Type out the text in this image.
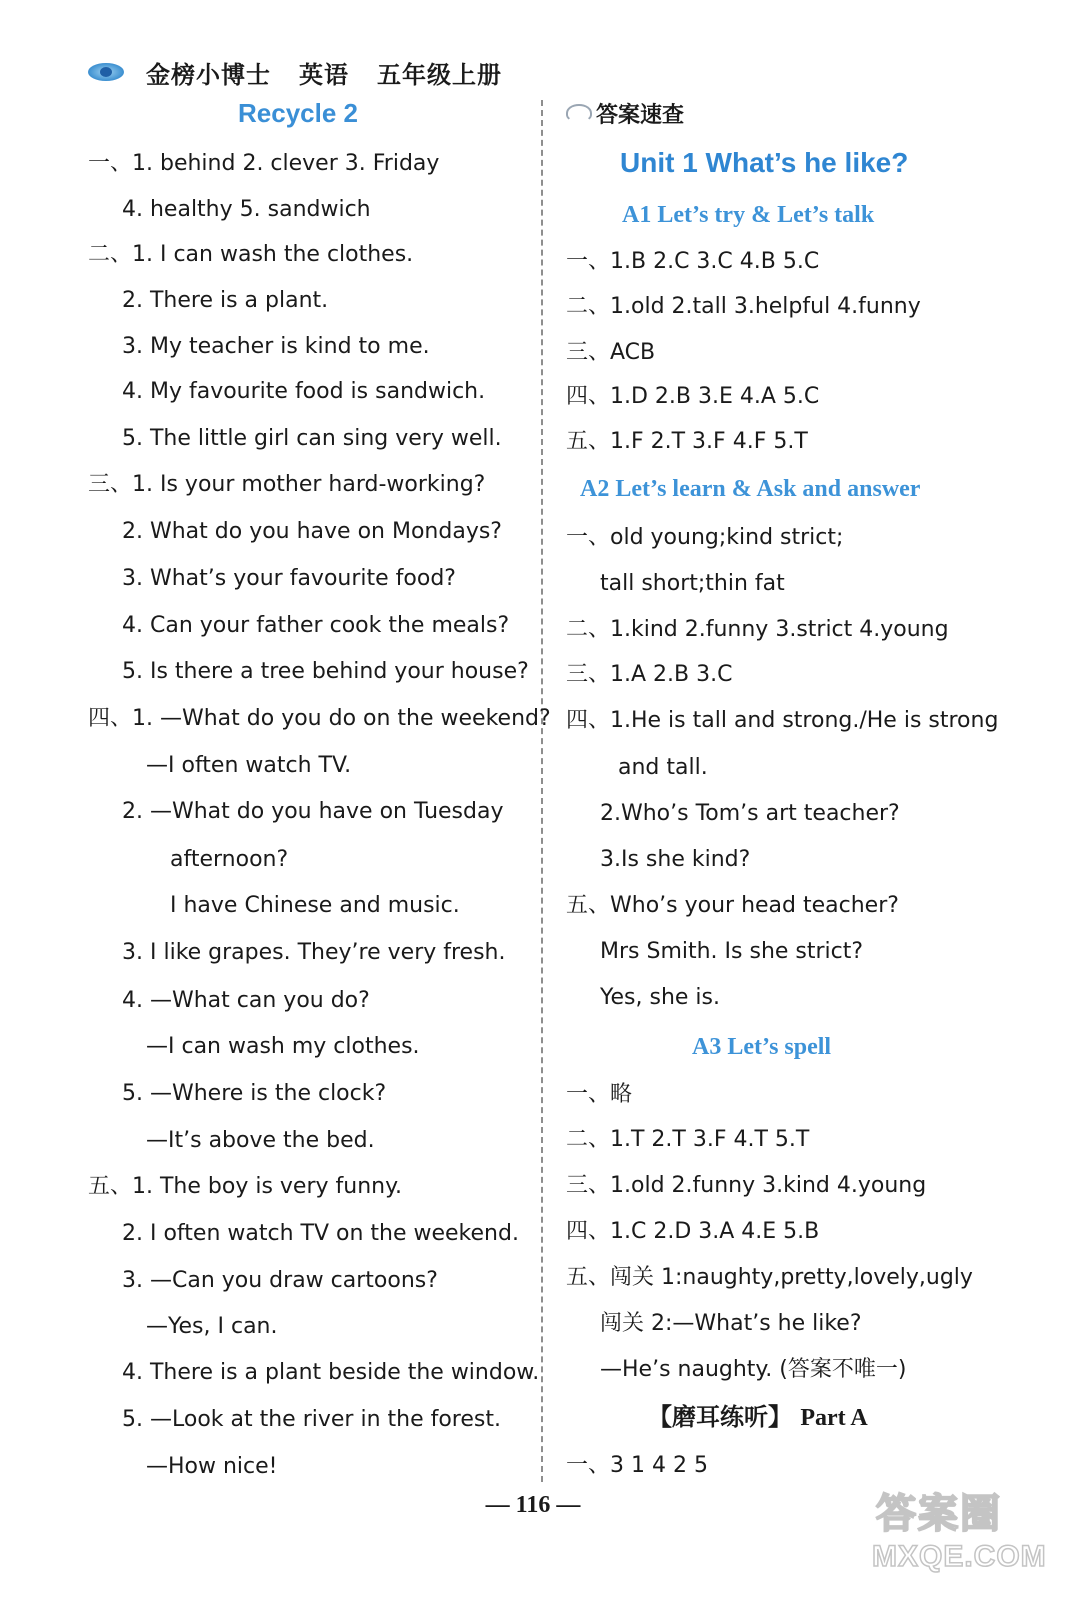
金榜小博士 英语 五年级上册
Recycle 2
一、1. behind 2. clever 3. Friday
4. healthy 5. sandwich
二、1. I can wash the clothes.
2. There is a plant.
3. My teacher is kind to me.
4. My favourite food is sandwich.
5. The little girl can sing very well.
三、1. Is your mother hard-working?
2. What do you have on Mondays?
3. What’s your favourite food?
4. Can your father cook the meals?
5. Is there a tree behind your house?
四、1. —What do you do on the weekend?
—I often watch TV.
2. —What do you have on Tuesday
afternoon?
I have Chinese and music.
3. I like grapes. They’re very fresh.
4. —What can you do?
—I can wash my clothes.
5. —Where is the clock?
—It’s above the bed.
五、1. The boy is very funny.
2. I often watch TV on the weekend.
3. —Can you draw cartoons?
—Yes, I can.
4. There is a plant beside the window.
5. —Look at the river in the forest.
—How nice!
答案速查
Unit 1 What’s he like?
A1 Let’s try & Let’s talk
一、1.B 2.C 3.C 4.B 5.C
二、1.old 2.tall 3.helpful 4.funny
三、ACB
四、1.D 2.B 3.E 4.A 5.C
五、1.F 2.T 3.F 4.F 5.T
A2 Let’s learn & Ask and answer
一、old young;kind strict;
tall short;thin fat
二、1.kind 2.funny 3.strict 4.young
三、1.A 2.B 3.C
四、1.He is tall and strong./He is strong
and tall.
2.Who’s Tom’s art teacher?
3.Is she kind?
五、Who’s your head teacher?
Mrs Smith. Is she strict?
Yes, she is.
A3 Let’s spell
一、略
二、1.T 2.T 3.F 4.T 5.T
三、1.old 2.funny 3.kind 4.young
四、1.C 2.D 3.A 4.E 5.B
五、闯关 1:naughty,pretty,lovely,ugly
闯关 2:—What’s he like?
—He’s naughty. (答案不唯一)
【磨耳练听】 Part A
一、3 1 4 2 5
— 116 —	答案圈
MXQE.COM
